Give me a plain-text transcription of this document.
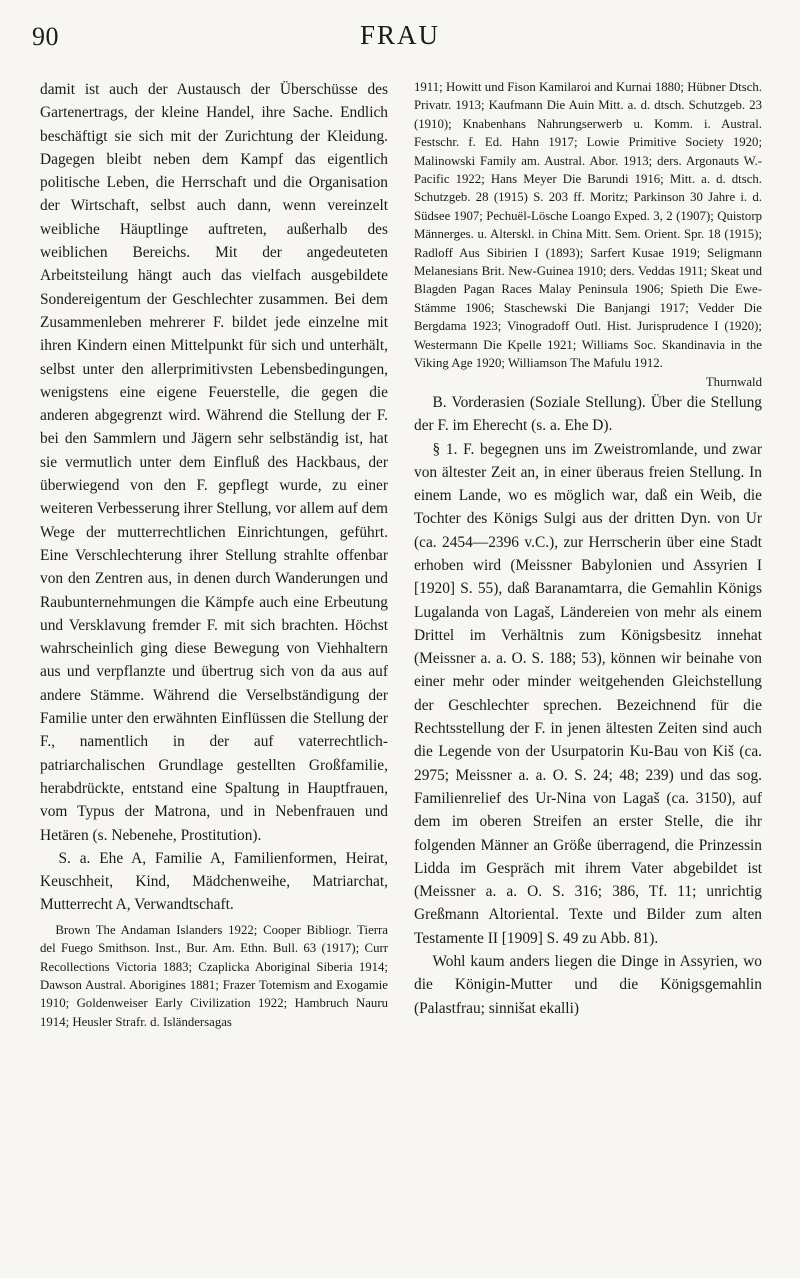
90	FRAU

damit ist auch der Austausch der Überschüsse des Gartenertrags, der kleine Handel, ihre Sache. Endlich beschäftigt sie sich mit der Zurichtung der Kleidung. Dagegen bleibt neben dem Kampf das eigentlich politische Leben, die Herrschaft und die Organisation der Wirtschaft, selbst auch dann, wenn vereinzelt weibliche Häuptlinge auftreten, außerhalb des weiblichen Bereichs. Mit der angedeuteten Arbeitsteilung hängt auch das vielfach ausgebildete Sondereigentum der Geschlechter zusammen. Bei dem Zusammenleben mehrerer F. bildet jede einzelne mit ihren Kindern einen Mittelpunkt für sich und unterhält, selbst unter den allerprimitivsten Lebensbedingungen, wenigstens eine eigene Feuerstelle, die gegen die anderen abgegrenzt wird. Während die Stellung der F. bei den Sammlern und Jägern sehr selbständig ist, hat sie vermutlich unter dem Einfluß des Hackbaus, der überwiegend von den F. gepflegt wurde, zu einer weiteren Verbesserung ihrer Stellung, vor allem auf dem Wege der mutterrechtlichen Einrichtungen, geführt. Eine Verschlechterung ihrer Stellung strahlte offenbar von den Zentren aus, in denen durch Wanderungen und Raubunternehmungen die Kämpfe auch eine Erbeutung und Versklavung fremder F. mit sich brachten. Höchst wahrscheinlich ging diese Bewegung von Viehhaltern aus und verpflanzte und übertrug sich von da aus auf andere Stämme. Während die Verselbständigung der Familie unter den erwähnten Einflüssen die Stellung der F., namentlich in der auf vaterrechtlich-patriarchalischen Grundlage gestellten Großfamilie, herabdrückte, entstand eine Spaltung in Hauptfrauen, vom Typus der Matrona, und in Nebenfrauen und Hetären (s. Nebenehe, Prostitution).

S. a. Ehe A, Familie A, Familienformen, Heirat, Keuschheit, Kind, Mädchenweihe, Matriarchat, Mutterrecht A, Verwandtschaft.

Brown The Andaman Islanders 1922; Cooper Bibliogr. Tierra del Fuego Smithson. Inst., Bur. Am. Ethn. Bull. 63 (1917); Curr Recollections Victoria 1883; Czaplicka Aboriginal Siberia 1914; Dawson Austral. Aborigines 1881; Frazer Totemism and Exogamie 1910; Goldenweiser Early Civilization 1922; Hambruch Nauru 1914; Heusler Strafr. d. Isländersagas

1911; Howitt und Fison Kamilaroi and Kurnai 1880; Hübner Dtsch. Privatr. 1913; Kaufmann Die Auin Mitt. a. d. dtsch. Schutzgeb. 23 (1910); Knabenhans Nahrungserwerb u. Komm. i. Austral. Festschr. f. Ed. Hahn 1917; Lowie Primitive Society 1920; Malinowski Family am. Austral. Abor. 1913; ders. Argonauts W.-Pacific 1922; Hans Meyer Die Barundi 1916; Mitt. a. d. dtsch. Schutzgeb. 28 (1915) S. 203 ff. Moritz; Parkinson 30 Jahre i. d. Südsee 1907; Pechuël-Lösche Loango Exped. 3, 2 (1907); Quistorp Männerges. u. Alterskl. in China Mitt. Sem. Orient. Spr. 18 (1915); Radloff Aus Sibirien I (1893); Sarfert Kusae 1919; Seligmann Melanesians Brit. New-Guinea 1910; ders. Veddas 1911; Skeat und Blagden Pagan Races Malay Peninsula 1906; Spieth Die Ewe-Stämme 1906; Staschewski Die Banjangi 1917; Vedder Die Bergdama 1923; Vinogradoff Outl. Hist. Jurisprudence I (1920); Westermann Die Kpelle 1921; Williams Soc. Skandinavia in the Viking Age 1920; Williamson The Mafulu 1912.

Thurnwald

B. Vorderasien (Soziale Stellung). Über die Stellung der F. im Eherecht (s. a. Ehe D).

§ 1. F. begegnen uns im Zweistromlande, und zwar von ältester Zeit an, in einer überaus freien Stellung. In einem Lande, wo es möglich war, daß ein Weib, die Tochter des Königs Sulgi aus der dritten Dyn. von Ur (ca. 2454—2396 v.C.), zur Herrscherin über eine Stadt erhoben wird (Meissner Babylonien und Assyrien I [1920] S. 55), daß Baranamtarra, die Gemahlin Königs Lugalanda von Lagaš, Ländereien von mehr als einem Drittel im Verhältnis zum Königsbesitz innehat (Meissner a. a. O. S. 188; 53), können wir beinahe von einer mehr oder minder weitgehenden Gleichstellung der Geschlechter sprechen. Bezeichnend für die Rechtsstellung der F. in jenen ältesten Zeiten sind auch die Legende von der Usurpatorin Ku-Bau von Kiš (ca. 2975; Meissner a. a. O. S. 24; 48; 239) und das sog. Familienrelief des Ur-Nina von Lagaš (ca. 3150), auf dem im oberen Streifen an erster Stelle, die ihr folgenden Männer an Größe überragend, die Prinzessin Lidda im Gespräch mit ihrem Vater abgebildet ist (Meissner a. a. O. S. 316; 386, Tf. 11; unrichtig Greßmann Altoriental. Texte und Bilder zum alten Testamente II [1909] S. 49 zu Abb. 81).

Wohl kaum anders liegen die Dinge in Assyrien, wo die Königin-Mutter und die Königsgemahlin (Palastfrau; sinnišat ekalli)
